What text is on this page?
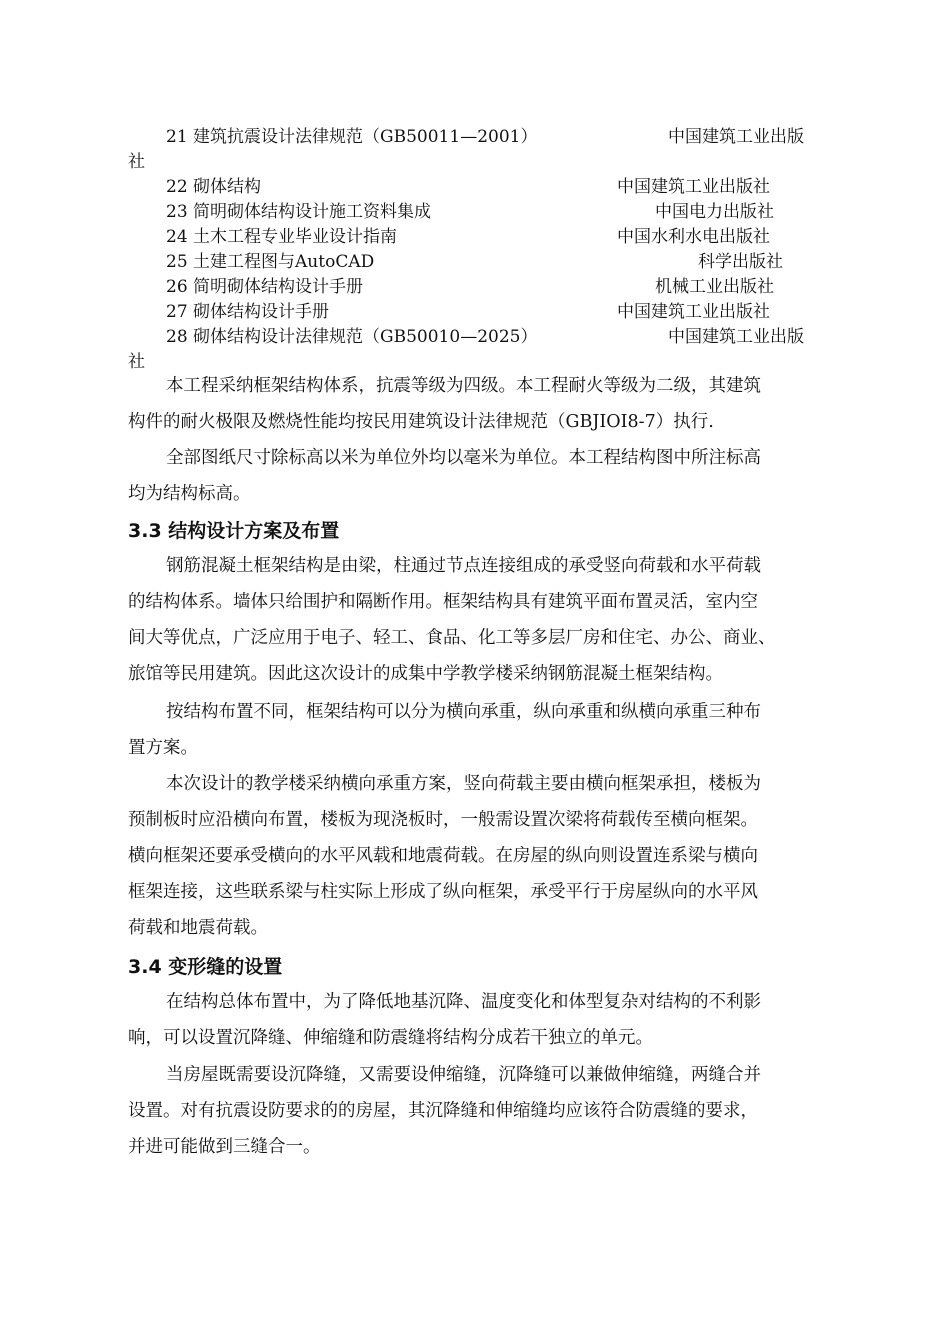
21 建筑抗震设计法律规范（GB50011—2001）	中国建筑工业出版
社
22 砌体结构	中国建筑工业出版社
23 简明砌体结构设计施工资料集成	中国电力出版社
24 土木工程专业毕业设计指南	中国水利水电出版社
25 土建工程图与AutoCAD	科学出版社
26 简明砌体结构设计手册	机械工业出版社
27 砌体结构设计手册	中国建筑工业出版社
28 砌体结构设计法律规范（GB50010—2025）	中国建筑工业出版
社

本工程采纳框架结构体系，抗震等级为四级。本工程耐火等级为二级，其建筑

构件的耐火极限及燃烧性能均按民用建筑设计法律规范（GBJIOI8-7）执行.

全部图纸尺寸除标高以米为单位外均以毫米为单位。本工程结构图中所注标高

均为结构标高。

3.3 结构设计方案及布置

钢筋混凝土框架结构是由梁，柱通过节点连接组成的承受竖向荷载和水平荷载

的结构体系。墙体只给围护和隔断作用。框架结构具有建筑平面布置灵活，室内空

间大等优点，广泛应用于电子、轻工、食品、化工等多层厂房和住宅、办公、商业、

旅馆等民用建筑。因此这次设计的成集中学教学楼采纳钢筋混凝土框架结构。

按结构布置不同，框架结构可以分为横向承重，纵向承重和纵横向承重三种布

置方案。

本次设计的教学楼采纳横向承重方案，竖向荷载主要由横向框架承担，楼板为

预制板时应沿横向布置，楼板为现浇板时，一般需设置次梁将荷载传至横向框架。

横向框架还要承受横向的水平风载和地震荷载。在房屋的纵向则设置连系梁与横向

框架连接，这些联系梁与柱实际上形成了纵向框架，承受平行于房屋纵向的水平风

荷载和地震荷载。

3.4 变形缝的设置

在结构总体布置中，为了降低地基沉降、温度变化和体型复杂对结构的不利影

响，可以设置沉降缝、伸缩缝和防震缝将结构分成若干独立的单元。

当房屋既需要设沉降缝，又需要设伸缩缝，沉降缝可以兼做伸缩缝，两缝合并

设置。对有抗震设防要求的的房屋，其沉降缝和伸缩缝均应该符合防震缝的要求，

并进可能做到三缝合一。
